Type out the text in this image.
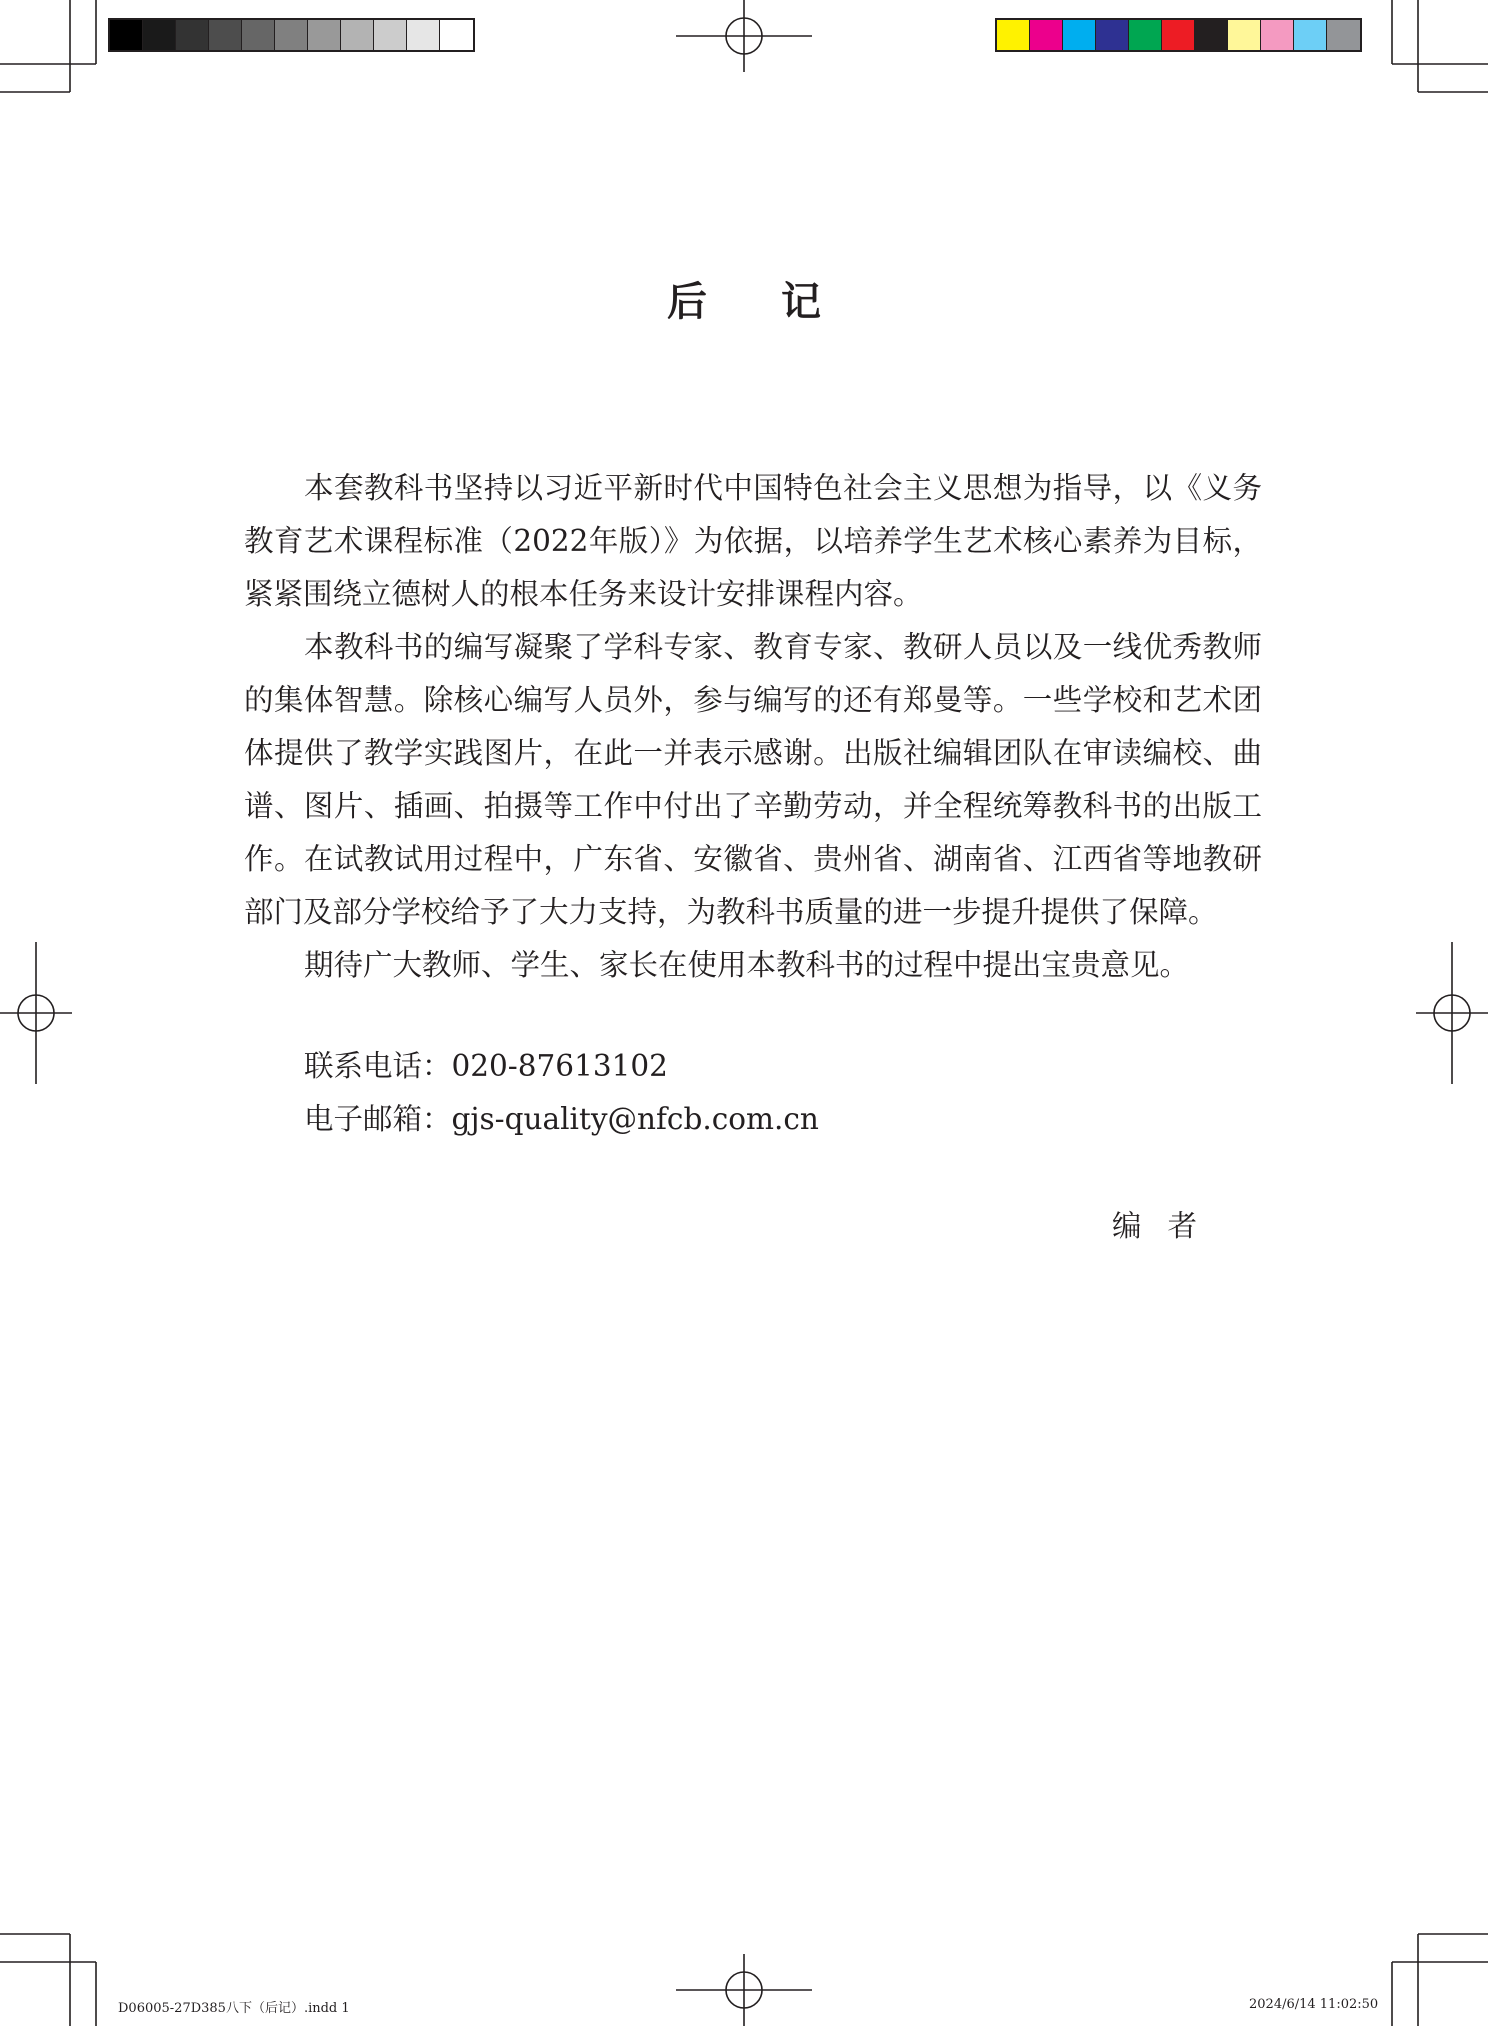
后 记

本套教科书坚持以习近平新时代中国特色社会主义思想为指导，以《义务教育艺术课程标准（2022年版）》为依据，以培养学生艺术核心素养为目标，紧紧围绕立德树人的根本任务来设计安排课程内容。

本教科书的编写凝聚了学科专家、教育专家、教研人员以及一线优秀教师的集体智慧。除核心编写人员外，参与编写的还有郑曼等。一些学校和艺术团体提供了教学实践图片，在此一并表示感谢。出版社编辑团队在审读编校、曲谱、图片、插画、拍摄等工作中付出了辛勤劳动，并全程统筹教科书的出版工作。在试教试用过程中，广东省、安徽省、贵州省、湖南省、江西省等地教研部门及部分学校给予了大力支持，为教科书质量的进一步提升提供了保障。

期待广大教师、学生、家长在使用本教科书的过程中提出宝贵意见。

联系电话：020-87613102
电子邮箱：gjs-quality@nfcb.com.cn
编者
D06005-27D385八下（后记）.indd 1	2024/6/14 11:02:50
